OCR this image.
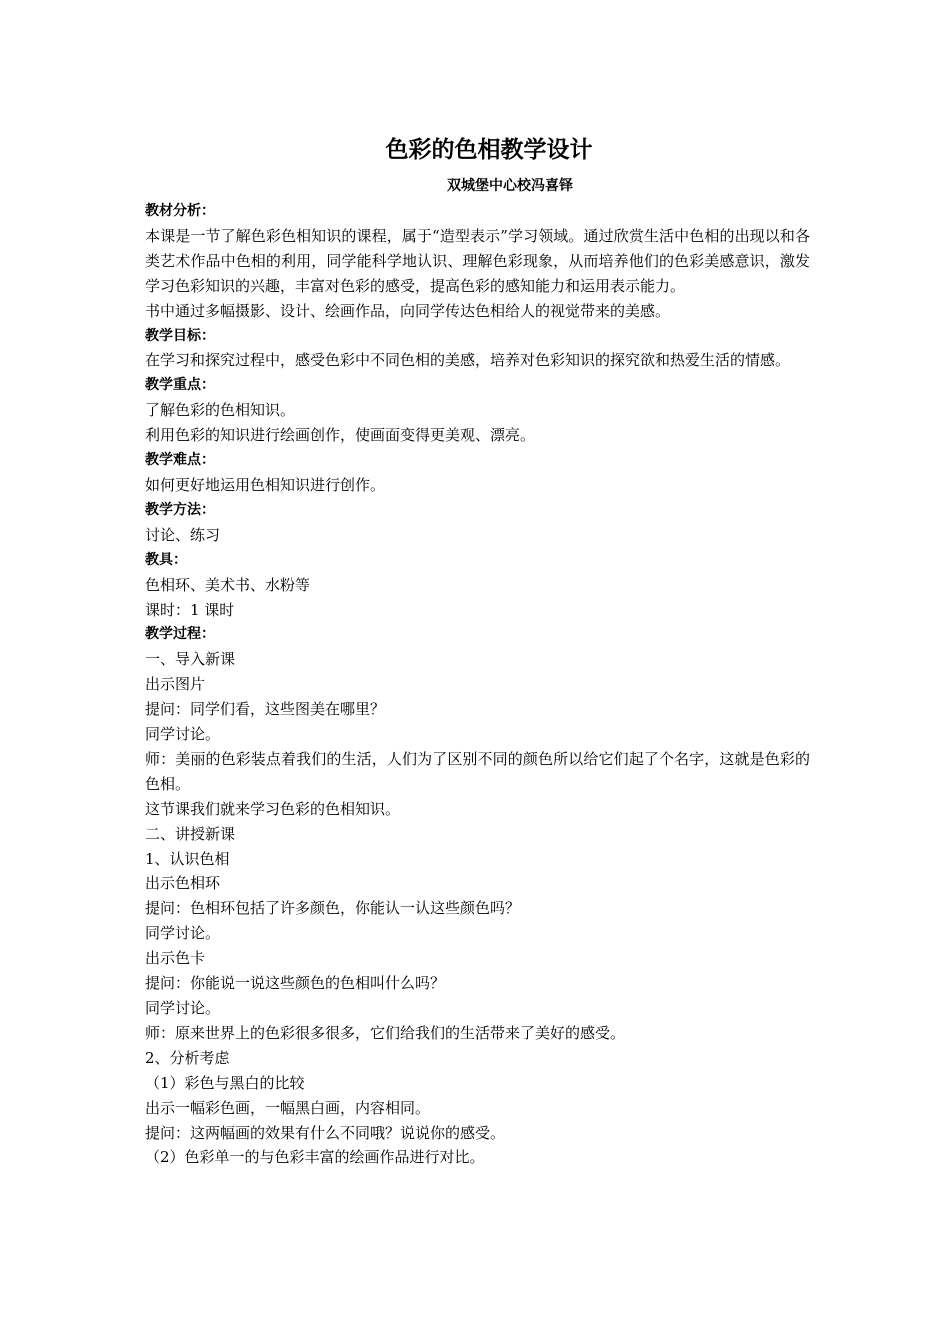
色彩的色相教学设计
双城堡中心校冯喜铎

教材分析：

本课是一节了解色彩色相知识的课程，属于“造型表示”学习领域。通过欣赏生活中色相的出现以和各类艺术作品中色相的利用，同学能科学地认识、理解色彩现象，从而培养他们的色彩美感意识，激发学习色彩知识的兴趣，丰富对色彩的感受，提高色彩的感知能力和运用表示能力。

书中通过多幅摄影、设计、绘画作品，向同学传达色相给人的视觉带来的美感。

教学目标：

在学习和探究过程中，感受色彩中不同色相的美感，培养对色彩知识的探究欲和热爱生活的情感。

教学重点：

了解色彩的色相知识。

利用色彩的知识进行绘画创作，使画面变得更美观、漂亮。

教学难点：

如何更好地运用色相知识进行创作。

教学方法：

讨论、练习

教具：

色相环、美术书、水粉等

课时：1 课时

教学过程：

一、导入新课

出示图片

提问：同学们看，这些图美在哪里？

同学讨论。

师：美丽的色彩装点着我们的生活，人们为了区别不同的颜色所以给它们起了个名字，这就是色彩的色相。

这节课我们就来学习色彩的色相知识。

二、讲授新课

1、认识色相

出示色相环

提问：色相环包括了许多颜色，你能认一认这些颜色吗？

同学讨论。

出示色卡

提问：你能说一说这些颜色的色相叫什么吗？

同学讨论。

师：原来世界上的色彩很多很多，它们给我们的生活带来了美好的感受。

2、分析考虑

（1）彩色与黑白的比较

出示一幅彩色画，一幅黑白画，内容相同。

提问：这两幅画的效果有什么不同哦？说说你的感受。

（2）色彩单一的与色彩丰富的绘画作品进行对比。
